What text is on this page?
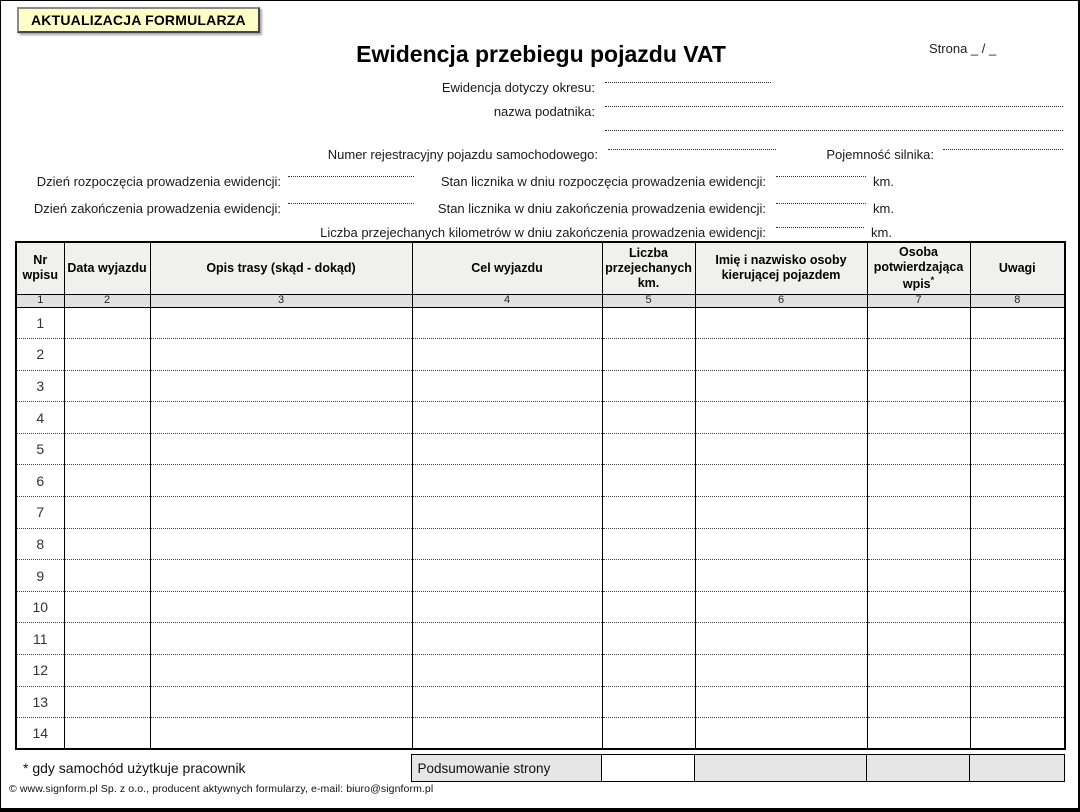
AKTUALIZACJA FORMULARZA
Ewidencja przebiegu pojazdu VAT	Strona _ / _
Ewidencja dotyczy okresu:
nazwa podatnika:
Numer rejestracyjny pojazdu samochodowego:	Pojemność silnika:
Dzień rozpoczęcia prowadzenia ewidencji:	Stan licznika w dniu rozpoczęcia prowadzenia ewidencji:	km.
Dzień zakończenia prowadzenia ewidencji:	Stan licznika w dniu zakończenia prowadzenia ewidencji:	km.
Liczba przejechanych kilometrów w dniu zakończenia prowadzenia ewidencji:	km.
Nr wpisu	Data wyjazdu	Opis trasy (skąd - dokąd)	Cel wyjazdu	Liczba przejechanych km.	Imię i nazwisko osoby kierującej pojazdem	Osoba potwierdzająca wpis*	Uwagi
1	2	3	4	5	6	7	8
1							
2							
3							
4							
5							
6							
7							
8							
9							
10							
11							
12							
13							
14							
* gdy samochód użytkuje pracownik	Podsumowanie strony				
© www.signform.pl Sp. z o.o., producent aktywnych formularzy, e-mail: biuro@signform.pl
